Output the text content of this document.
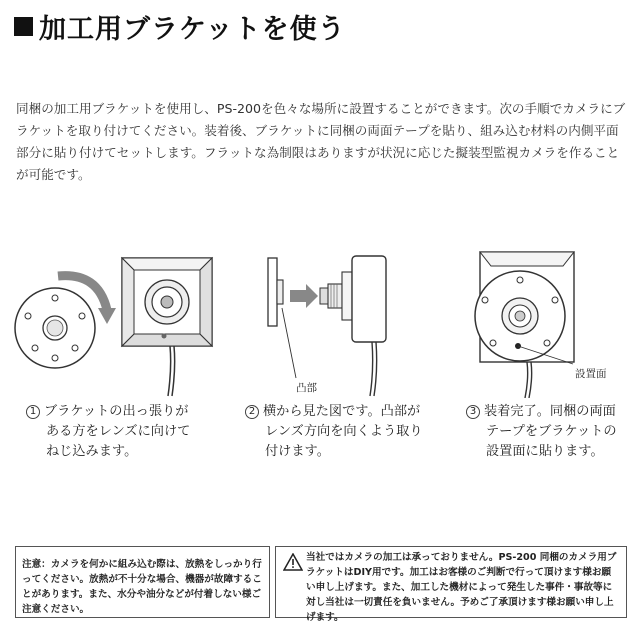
加工用ブラケットを使う
同梱の加工用ブラケットを使用し、PS-200を色々な場所に設置することができます。次の手順でカメラにブラケットを取り付けてください。装着後、ブラケットに同梱の両面テープを貼り、組み込む材料の内側平面部分に貼り付けてセットします。フラットな為制限はありますが状況に応じた擬装型監視カメラを作ることが可能です。
凸部
設置面
1 ブラケットの出っ張りが
ある方をレンズに向けて
ねじ込みます。
2 横から見た図です。凸部が
レンズ方向を向くよう取り
付けます。
3 装着完了。同梱の両面
テープをブラケットの
設置面に貼ります。
注意：カメラを何かに組み込む際は、放熱をしっかり行ってください。放熱が不十分な場合、機器が故障することがあります。また、水分や油分などが付着しない様ご注意ください。
当社ではカメラの加工は承っておりません。PS-200 同梱のカメラ用ブラケットはDIY用です。加工はお客様のご判断で行って頂けます様お願い申し上げます。また、加工した機材によって発生した事件・事故等に対し当社は一切責任を負いません。予めご了承頂けます様お願い申し上げます。
